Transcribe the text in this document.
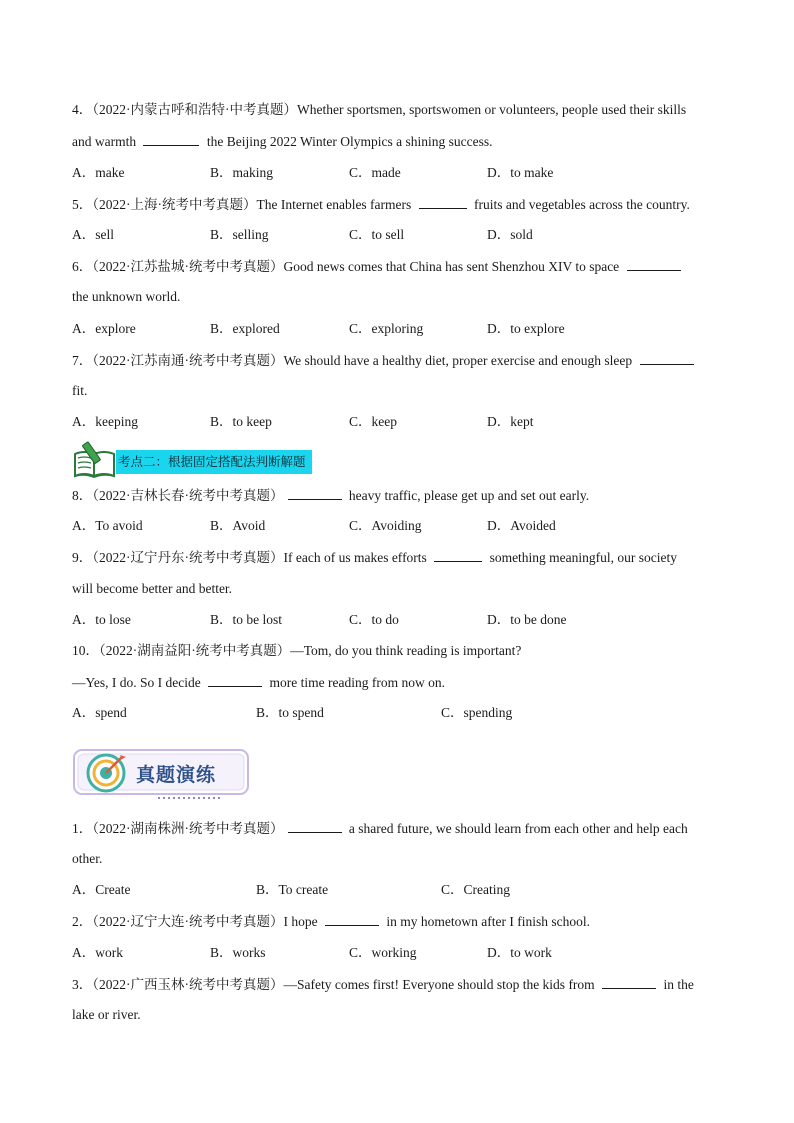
4．（2022·内蒙古呼和浩特·中考真题）Whether sportsmen, sportswomen or volunteers, people used their skills
and warmth	the Beijing 2022 Winter Olympics a shining success.
A．make	B．making	C．made	D．to make
5．（2022·上海·统考中考真题）The Internet enables farmers	fruits and vegetables across the country.
A．sell	B．selling	C．to sell	D．sold
6．（2022·江苏盐城·统考中考真题）Good news comes that China has sent Shenzhou XIV to space
the unknown world.
A．explore	B．explored	C．exploring	D．to explore
7．（2022·江苏南通·统考中考真题）We should have a healthy diet, proper exercise and enough sleep
fit.
A．keeping	B．to keep	C．keep	D．kept
考点二：根据固定搭配法判断解题
8．（2022·吉林长春·统考中考真题）	heavy traffic, please get up and set out early.
A．To avoid	B．Avoid	C．Avoiding	D．Avoided
9．（2022·辽宁丹东·统考中考真题）If each of us makes efforts	something meaningful, our society
will become better and better.
A．to lose	B．to be lost	C．to do	D．to be done
10．（2022·湖南益阳·统考中考真题）—Tom, do you think reading is important?
—Yes, I do. So I decide	more time reading from now on.
A．spend	B．to spend	C．spending
真题演练
1．（2022·湖南株洲·统考中考真题）	a shared future, we should learn from each other and help each
other.
A．Create	B．To create	C．Creating
2．（2022·辽宁大连·统考中考真题）I hope	in my hometown after I finish school.
A．work	B．works	C．working	D．to work
3．（2022·广西玉林·统考中考真题）—Safety comes first! Everyone should stop the kids from	in the
lake or river.
